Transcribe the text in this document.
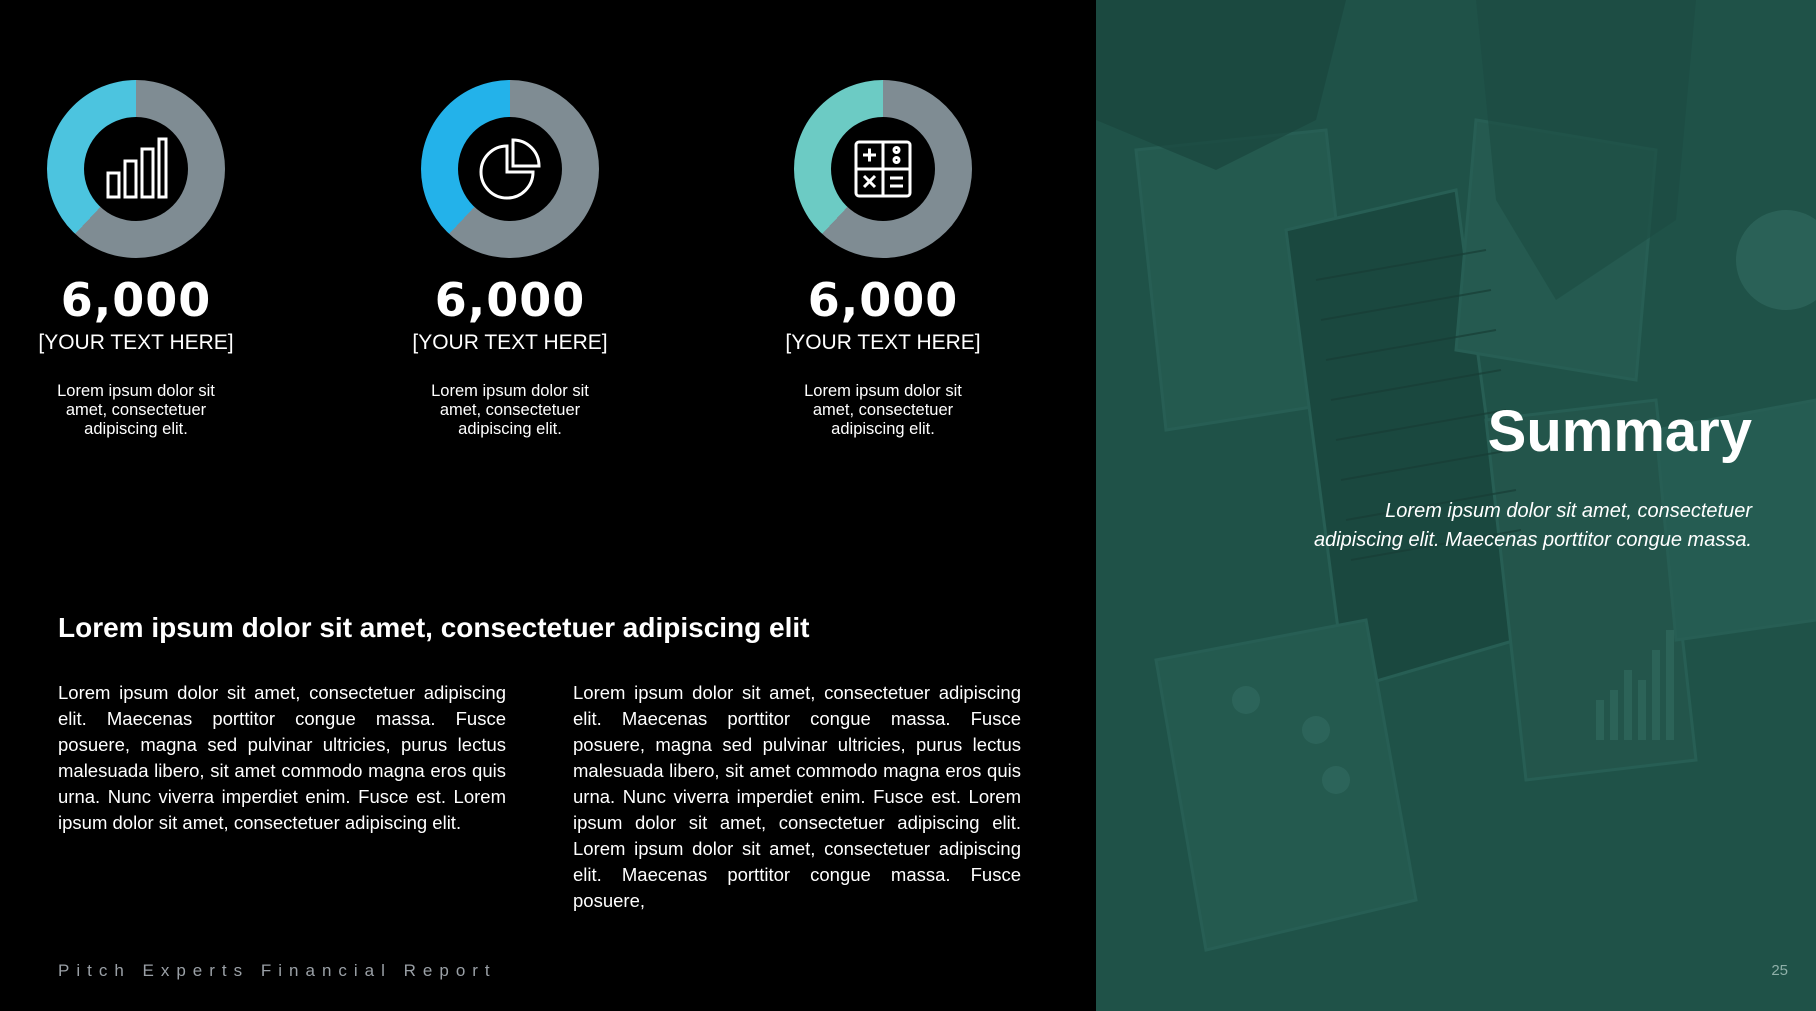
6,000
[YOUR TEXT HERE]
Lorem ipsum dolor sit amet, consectetuer adipiscing elit.
6,000
[YOUR TEXT HERE]
Lorem ipsum dolor sit amet, consectetuer adipiscing elit.
6,000
[YOUR TEXT HERE]
Lorem ipsum dolor sit amet, consectetuer adipiscing elit.
Lorem ipsum dolor sit amet, consectetuer adipiscing elit
Lorem ipsum dolor sit amet, consectetuer adipiscing elit. Maecenas porttitor congue massa. Fusce posuere, magna sed pulvinar ultricies, purus lectus malesuada libero, sit amet commodo magna eros quis urna. Nunc viverra imperdiet enim. Fusce est. Lorem ipsum dolor sit amet, consectetuer adipiscing elit.
Lorem ipsum dolor sit amet, consectetuer adipiscing elit. Maecenas porttitor congue massa. Fusce posuere, magna sed pulvinar ultricies, purus lectus malesuada libero, sit amet commodo magna eros quis urna. Nunc viverra imperdiet enim. Fusce est. Lorem ipsum dolor sit amet, consectetuer adipiscing elit. Lorem ipsum dolor sit amet, consectetuer adipiscing elit. Maecenas porttitor congue massa. Fusce posuere,
Pitch Experts Financial Report
Summary
Lorem ipsum dolor sit amet, consectetuer adipiscing elit. Maecenas porttitor congue massa.
25
